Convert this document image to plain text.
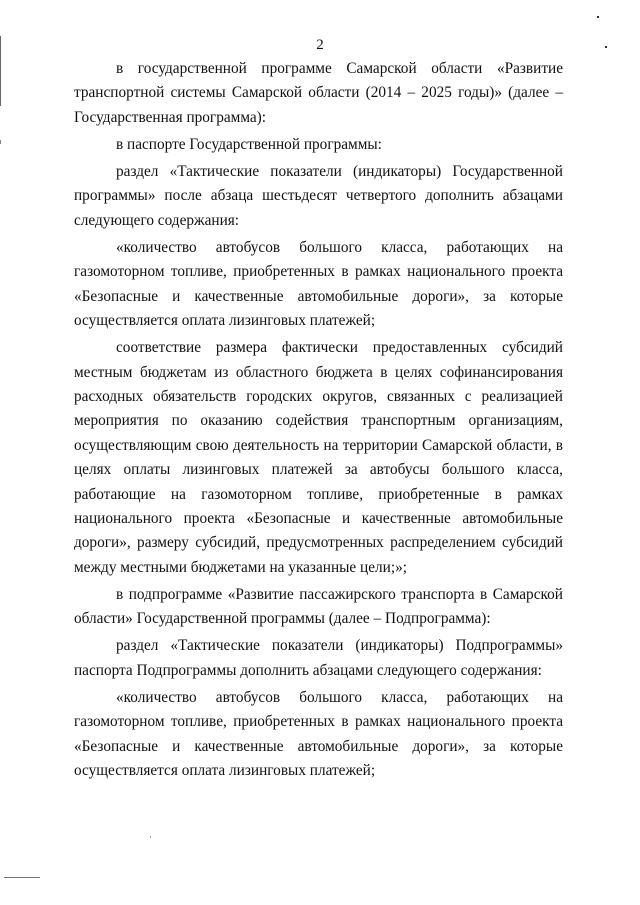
2

в государственной программе Самарской области «Развитие транспортной системы Самарской области (2014 – 2025 годы)» (далее – Государственная программа):

в паспорте Государственной программы:

раздел «Тактические показатели (индикаторы) Государственной программы» после абзаца шестьдесят четвертого дополнить абзацами следующего содержания:

«количество автобусов большого класса, работающих на газомоторном топливе, приобретенных в рамках национального проекта «Безопасные и качественные автомобильные дороги», за которые осуществляется оплата лизинговых платежей;

соответствие размера фактически предоставленных субсидий местным бюджетам из областного бюджета в целях софинансирования расходных обязательств городских округов, связанных с реализацией мероприятия по оказанию содействия транспортным организациям, осуществляющим свою деятельность на территории Самарской области, в целях оплаты лизинговых платежей за автобусы большого класса, работающие на газомоторном топливе, приобретенные в рамках национального проекта «Безопасные и качественные автомобильные дороги», размеру субсидий, предусмотренных распределением субсидий между местными бюджетами на указанные цели;»;

в подпрограмме «Развитие пассажирского транспорта в Самарской области» Государственной программы (далее – Подпрограмма):

раздел «Тактические показатели (индикаторы) Подпрограммы» паспорта Подпрограммы дополнить абзацами следующего содержания:

«количество автобусов большого класса, работающих на газомоторном топливе, приобретенных в рамках национального проекта «Безопасные и качественные автомобильные дороги», за которые осуществляется оплата лизинговых платежей;
